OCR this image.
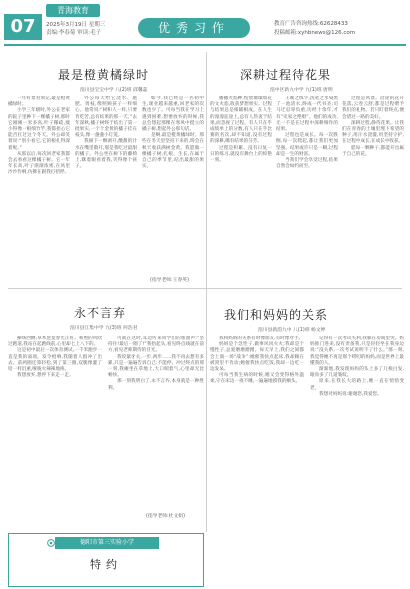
07
青海教育
2025年3月19日 星期三
责编:李春菊 审读:毛子	优秀习作	教育广告咨询热线:62628433
投稿邮箱:xyhbnews@126.com
最是橙黄橘绿时
湟川县宝宝中学 八(2)班 邱馨蕊

一年好景君须记,最是橙黄橘绿时。

小学三年级时,外公在老家的院子里种下一棵橘子树,那时它刚刚一米多高,叶子稀疏,瘦小得像一根细竹竿,我都担心它能否扛过这个冬天。外公却笑着说:“别小看它,它的根扎得深着呢。”

从那以后,每次回老家我都会去看看这棵橘子树。它一年年长高,叶子渐渐浓密,在风里沙沙作响,仿佛在跟我打招呼。

外公每天给它浇水、施肥、剪枝,像照顾孩子一样细心。他常说:“树和人一样,只要肯吃苦,总有结果的那一天。”去年深秋,橘子树终于结出了第一批果实,一个个金黄的橘子挂在枝头,像一盏盏小灯笼。

我摘下一颗剥开,酸甜的汁水在嘴里散开,那是我吃过最甜的橘子。外公坐在树下的藤椅上,眯着眼看着我,笑得像个孩子。

如今,我已经是一名初中生,课业越来越重,回老家的次数也少了。可每当我在学习上遇到困难,想要放弃的时候,我总会想起那棵在寒风中挺立的橘子树,想起外公那句话。

是啊,最是橙黄橘绿时。那些在冬天里坚持下来的,终会在秋天收获满树金黄。我愿做一棵橘子树,扎根、生长,在属于自己的季节里,结出最甜的果实。

(指导老师:王春英)
深耕过程待花果
湟中区新九中学 九(1)班 唐明

播撒火焰种,绽放璀璨如花的文火焰,收获梦想果实。过程与结果总是相辅相成。在人生的漫漫征途上,总有人热衷于结果,而忽视了过程。有人只在乎成绩单上的分数,有人只在乎比赛的名次,却不知道,没有过程的深耕,哪有结果的芬芳。

过程是积累。没有日复一日的练习,就没有舞台上的惊艳一刻。

王羲之练字,洗笔之水染黑了一池清水,终成一代书圣;司马迁忍辱负重,历经十余年,才有“史家之绝唱”。他们的成功,无一不是在过程中深耕细作的结果。

过程也是成长。每一次跌倒,每一次爬起,都让我们更加坚强。结果或许只是一瞬,过程却是一生的财富。

当我们学会享受过程,结果自然会如约而至。

过程是风景。沿途的花开花落,云卷云舒,都是过程赠予我们的礼物。若只盯着终点,便会错过一路的美好。

深耕过程,静待花果。让我们在青春的土壤里埋下希望的种子,用汗水浇灌,用坚持守护,在过程中成长,在成长中收获。

愿每一颗种子,都能开出属于自己的花。

永不言弃
湟川县江集中学 九(3)班 何浩君

操场西侧,草木葱茏春光正好。和煦的风吹过跑道,我站在起跑线前,心里却七上八下的。

这是初中最后一次体育测试,一千米跑步一直是我的弱项。发令枪响,我随着人群冲了出去。前两圈还算轻松,到了第三圈,双腿像灌了铅一样沉重,喉咙火辣辣地疼。

我想放弃,想停下来走一走。

可就在这时,耳边传来同学们的加油声:“坚持住!最后一圈了!”我抬起头,看见终点线就在前方,看见老师期待的目光。

我咬紧牙关,一步,两步……我不再去想有多累,只是一遍遍告诉自己:不能停。冲过终点的那一刻,我瘫坐在草地上,大口喘着气,心里却无比畅快。

那一刻我明白了,永不言弃,本身就是一种胜利。

(指导老师:杜文娟)
我们和妈妈的关系
湟川县新韵九中 八(1)班 杨文婷

我和妈妈的关系有时像朋友,有时像对手。

妈妈是个急性子,做事风风火火;我却是个慢性子,总爱磨磨蹭蹭。每天早上,我们之间都会上演一场“战争”:她催我快点起床,我却赖在被窝里不肯动;她催我快点吃饭,我却一边吃一边发呆。

可每当我生病的时候,她又会变得格外温柔,守在床边一夜不睡,一遍遍地摸我的额头。

记得有一次考试失利,我躲在房间里哭。妈妈推门进来,没有责备我,只是轻轻坐在我身边说:“没关系,一次考试说明不了什么。”那一刻,我觉得她不再是那个唠叨的妈妈,而是世界上最懂我的人。

渐渐地,我发现妈妈的头上多了几根白发,眼角多了几道皱纹。

原来,在我长大的路上,她一直在悄悄变老。

我想对妈妈说:谢谢您,我爱您。

德阳市第三实验小学
特约
